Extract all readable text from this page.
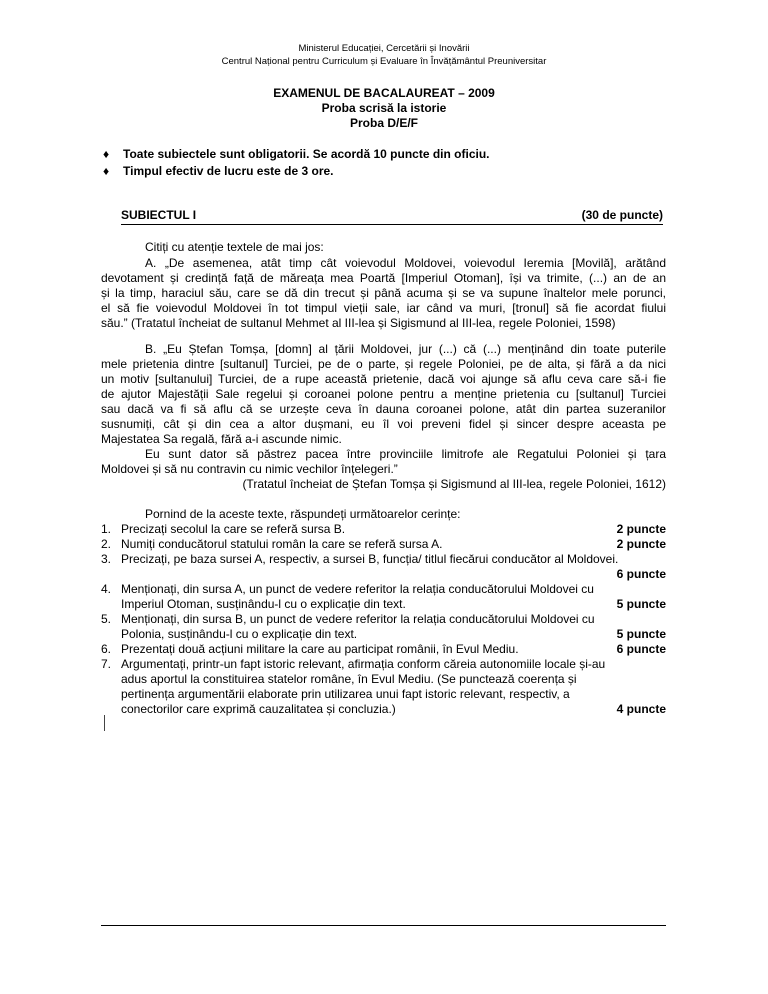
Ministerul Educației, Cercetării și Inovării
Centrul Național pentru Curriculum și Evaluare în Învățământul Preuniversitar
EXAMENUL DE BACALAUREAT – 2009
Proba scrisă la istorie
Proba D/E/F
♦ Toate subiectele sunt obligatorii. Se acordă 10 puncte din oficiu.
♦ Timpul efectiv de lucru este de 3 ore.
SUBIECTUL I	(30 de puncte)
Citiți cu atenție textele de mai jos:
A. „De asemenea, atât timp cât voievodul Moldovei, voievodul Ieremia [Movilă], arătând
devotament și credință față de măreața mea Poartă [Imperiul Otoman], își va trimite, (...) an de an
și la timp, haraciul său, care se dă din trecut și până acuma și se va supune înaltelor mele porunci,
el să fie voievodul Moldovei în tot timpul vieții sale, iar când va muri, [tronul] să fie acordat fiului
său.” (Tratatul încheiat de sultanul Mehmet al III-lea și Sigismund al III-lea, regele Poloniei, 1598)
B. „Eu Ștefan Tomșa, [domn] al țării Moldovei, jur (...) că (...) menținând din toate puterile
mele prietenia dintre [sultanul] Turciei, pe de o parte, și regele Poloniei, pe de alta, și fără a da nici
un motiv [sultanului] Turciei, de a rupe această prietenie, dacă voi ajunge să aflu ceva care să-i fie
de ajutor Majestății Sale regelui și coroanei polone pentru a menține prietenia cu [sultanul] Turciei
sau dacă va fi să aflu că se urzește ceva în dauna coroanei polone, atât din partea suzeranilor
susnumiți, cât și din cea a altor dușmani, eu îl voi preveni fidel și sincer despre aceasta pe
Majestatea Sa regală, fără a-i ascunde nimic.
Eu sunt dator să păstrez pacea între provinciile limitrofe ale Regatului Poloniei și țara
Moldovei și să nu contravin cu nimic vechilor înțelegeri.”
(Tratatul încheiat de Ștefan Tomșa și Sigismund al III-lea, regele Poloniei, 1612)
Pornind de la aceste texte, răspundeți următoarelor cerințe:
1. Precizați secolul la care se referă sursa B.	2 puncte
2. Numiți conducătorul statului român la care se referă sursa A.	2 puncte
3. Precizați, pe baza sursei A, respectiv, a sursei B, funcția/ titlul fiecărui conducător al Moldovei.
6 puncte
4. Menționați, din sursa A, un punct de vedere referitor la relația conducătorului Moldovei cu
Imperiul Otoman, susținându-l cu o explicație din text.	5 puncte
5. Menționați, din sursa B, un punct de vedere referitor la relația conducătorului Moldovei cu
Polonia, susținându-l cu o explicație din text.	5 puncte
6. Prezentați două acțiuni militare la care au participat românii, în Evul Mediu.	6 puncte
7. Argumentați, printr-un fapt istoric relevant, afirmația conform căreia autonomiile locale și-au
adus aportul la constituirea statelor române, în Evul Mediu. (Se punctează coerența și
pertinența argumentării elaborate prin utilizarea unui fapt istoric relevant, respectiv, a
conectorilor care exprimă cauzalitatea și concluzia.)	4 puncte
